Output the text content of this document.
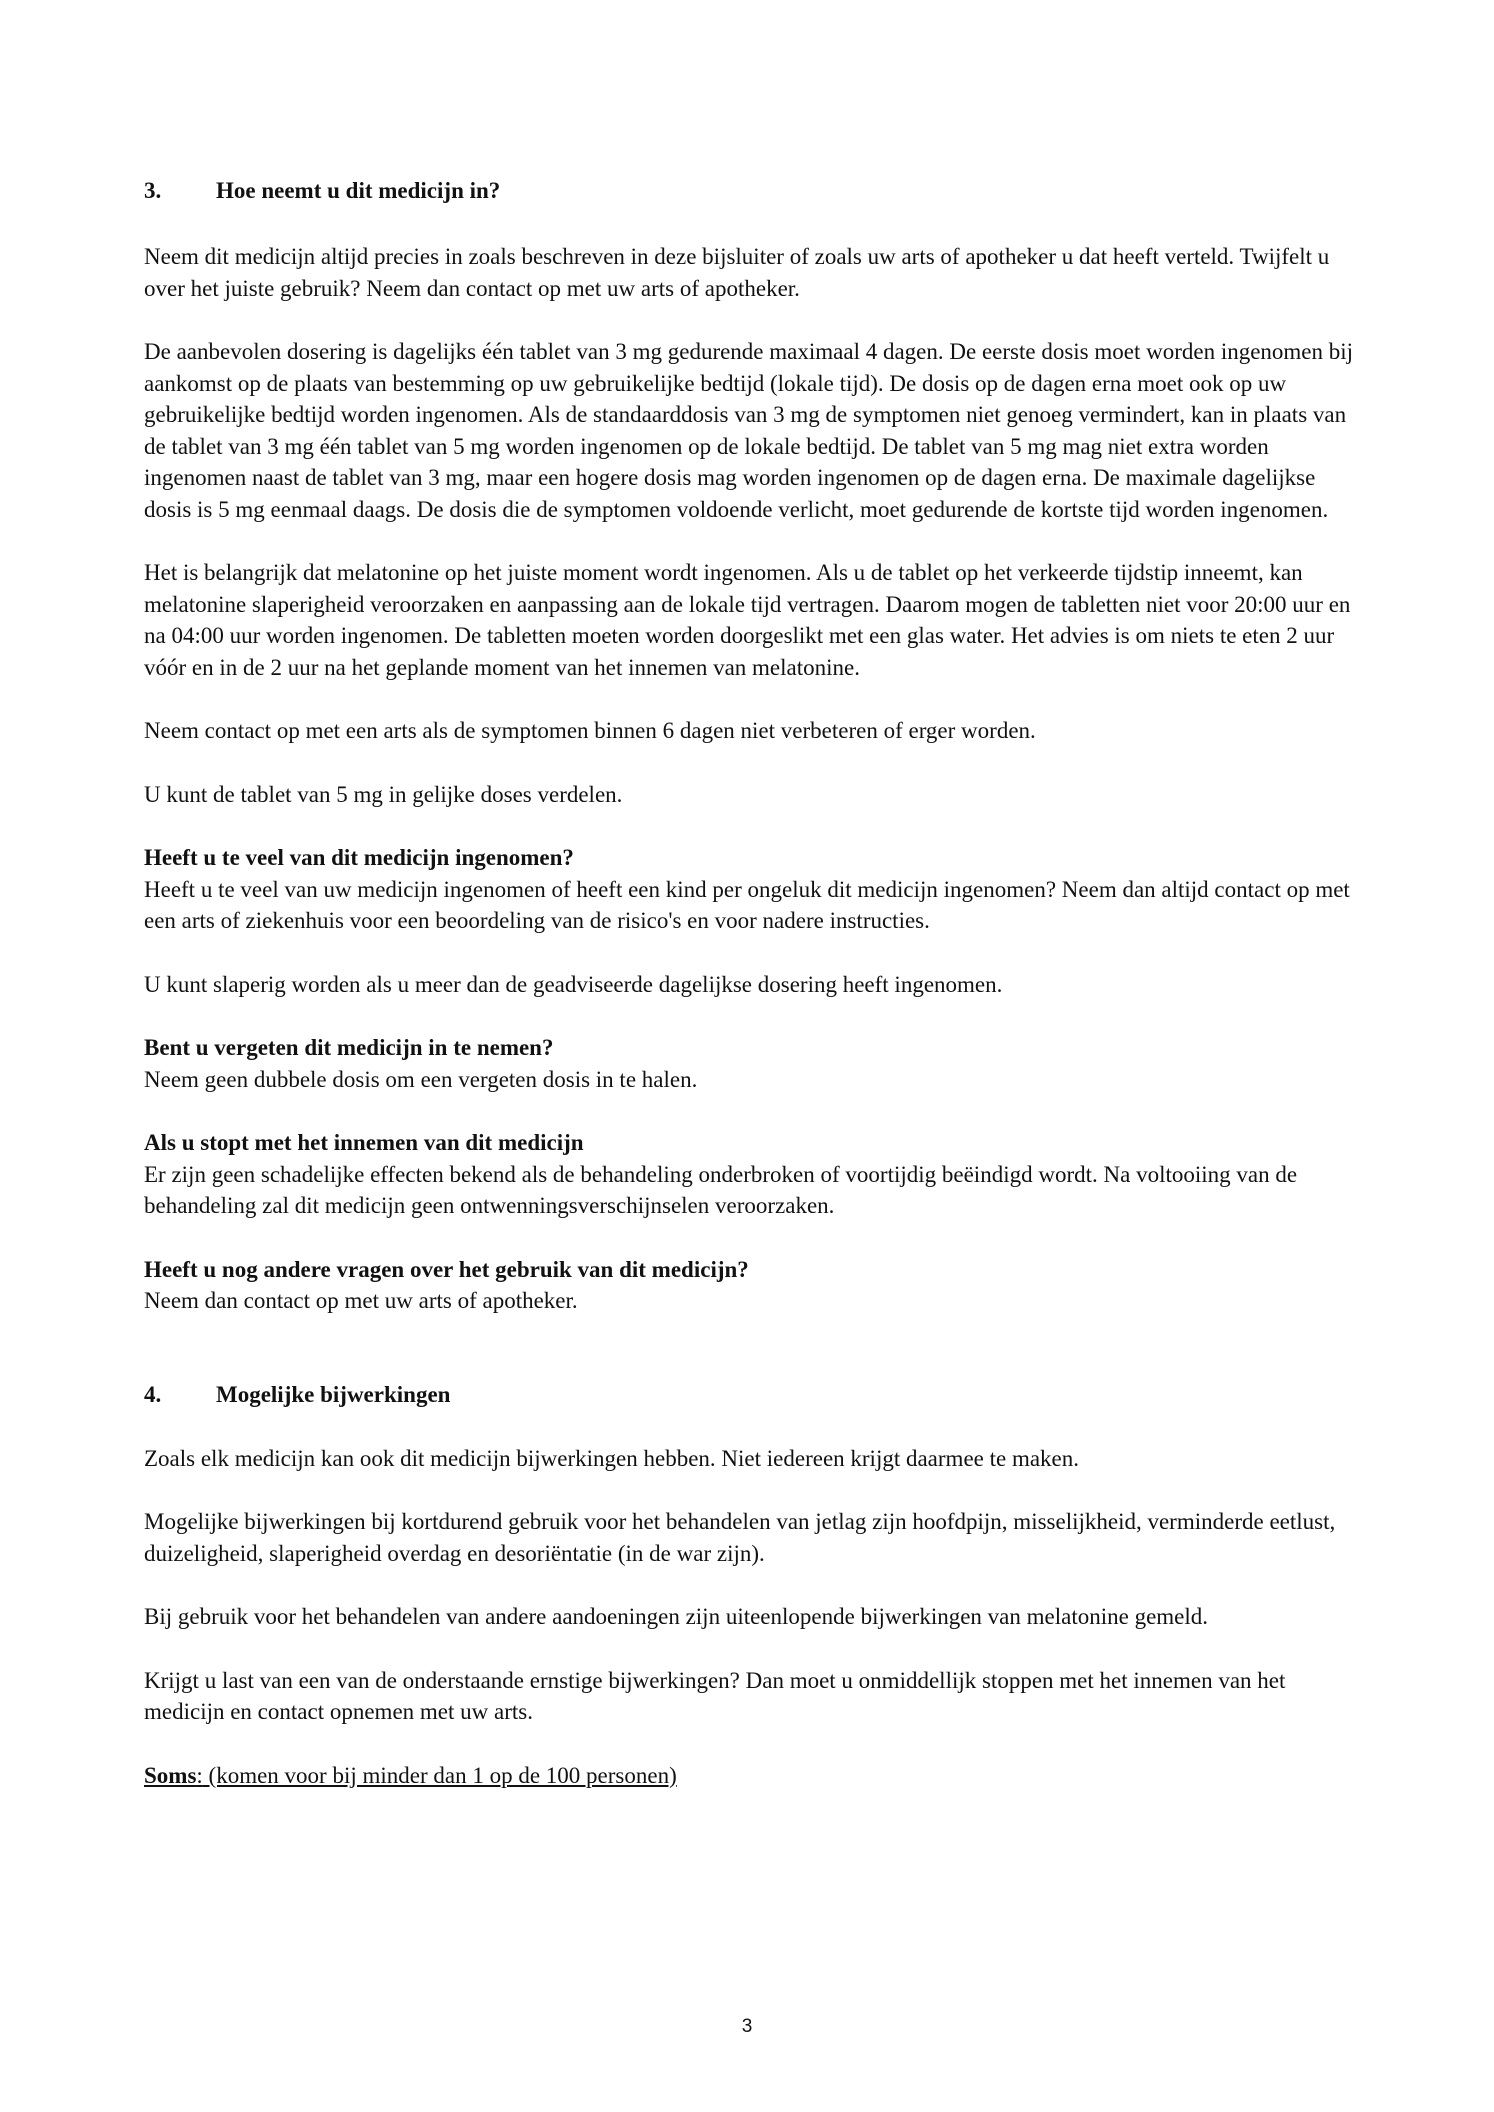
3. Hoe neemt u dit medicijn in?

Neem dit medicijn altijd precies in zoals beschreven in deze bijsluiter of zoals uw arts of apotheker u dat heeft verteld. Twijfelt u over het juiste gebruik? Neem dan contact op met uw arts of apotheker.

De aanbevolen dosering is dagelijks één tablet van 3 mg gedurende maximaal 4 dagen. De eerste dosis moet worden ingenomen bij aankomst op de plaats van bestemming op uw gebruikelijke bedtijd (lokale tijd). De dosis op de dagen erna moet ook op uw gebruikelijke bedtijd worden ingenomen. Als de standaarddosis van 3 mg de symptomen niet genoeg vermindert, kan in plaats van de tablet van 3 mg één tablet van 5 mg worden ingenomen op de lokale bedtijd. De tablet van 5 mg mag niet extra worden ingenomen naast de tablet van 3 mg, maar een hogere dosis mag worden ingenomen op de dagen erna. De maximale dagelijkse dosis is 5 mg eenmaal daags. De dosis die de symptomen voldoende verlicht, moet gedurende de kortste tijd worden ingenomen.

Het is belangrijk dat melatonine op het juiste moment wordt ingenomen. Als u de tablet op het verkeerde tijdstip inneemt, kan melatonine slaperigheid veroorzaken en aanpassing aan de lokale tijd vertragen. Daarom mogen de tabletten niet voor 20:00 uur en na 04:00 uur worden ingenomen. De tabletten moeten worden doorgeslikt met een glas water. Het advies is om niets te eten 2 uur vóór en in de 2 uur na het geplande moment van het innemen van melatonine.

Neem contact op met een arts als de symptomen binnen 6 dagen niet verbeteren of erger worden.

U kunt de tablet van 5 mg in gelijke doses verdelen.

Heeft u te veel van dit medicijn ingenomen?

Heeft u te veel van uw medicijn ingenomen of heeft een kind per ongeluk dit medicijn ingenomen? Neem dan altijd contact op met een arts of ziekenhuis voor een beoordeling van de risico's en voor nadere instructies.

U kunt slaperig worden als u meer dan de geadviseerde dagelijkse dosering heeft ingenomen.

Bent u vergeten dit medicijn in te nemen?

Neem geen dubbele dosis om een vergeten dosis in te halen.

Als u stopt met het innemen van dit medicijn

Er zijn geen schadelijke effecten bekend als de behandeling onderbroken of voortijdig beëindigd wordt. Na voltooiing van de behandeling zal dit medicijn geen ontwenningsverschijnselen veroorzaken.

Heeft u nog andere vragen over het gebruik van dit medicijn?

Neem dan contact op met uw arts of apotheker.

4. Mogelijke bijwerkingen

Zoals elk medicijn kan ook dit medicijn bijwerkingen hebben. Niet iedereen krijgt daarmee te maken.

Mogelijke bijwerkingen bij kortdurend gebruik voor het behandelen van jetlag zijn hoofdpijn, misselijkheid, verminderde eetlust, duizeligheid, slaperigheid overdag en desoriëntatie (in de war zijn).

Bij gebruik voor het behandelen van andere aandoeningen zijn uiteenlopende bijwerkingen van melatonine gemeld.

Krijgt u last van een van de onderstaande ernstige bijwerkingen? Dan moet u onmiddellijk stoppen met het innemen van het medicijn en contact opnemen met uw arts.

Soms: (komen voor bij minder dan 1 op de 100 personen)

3
